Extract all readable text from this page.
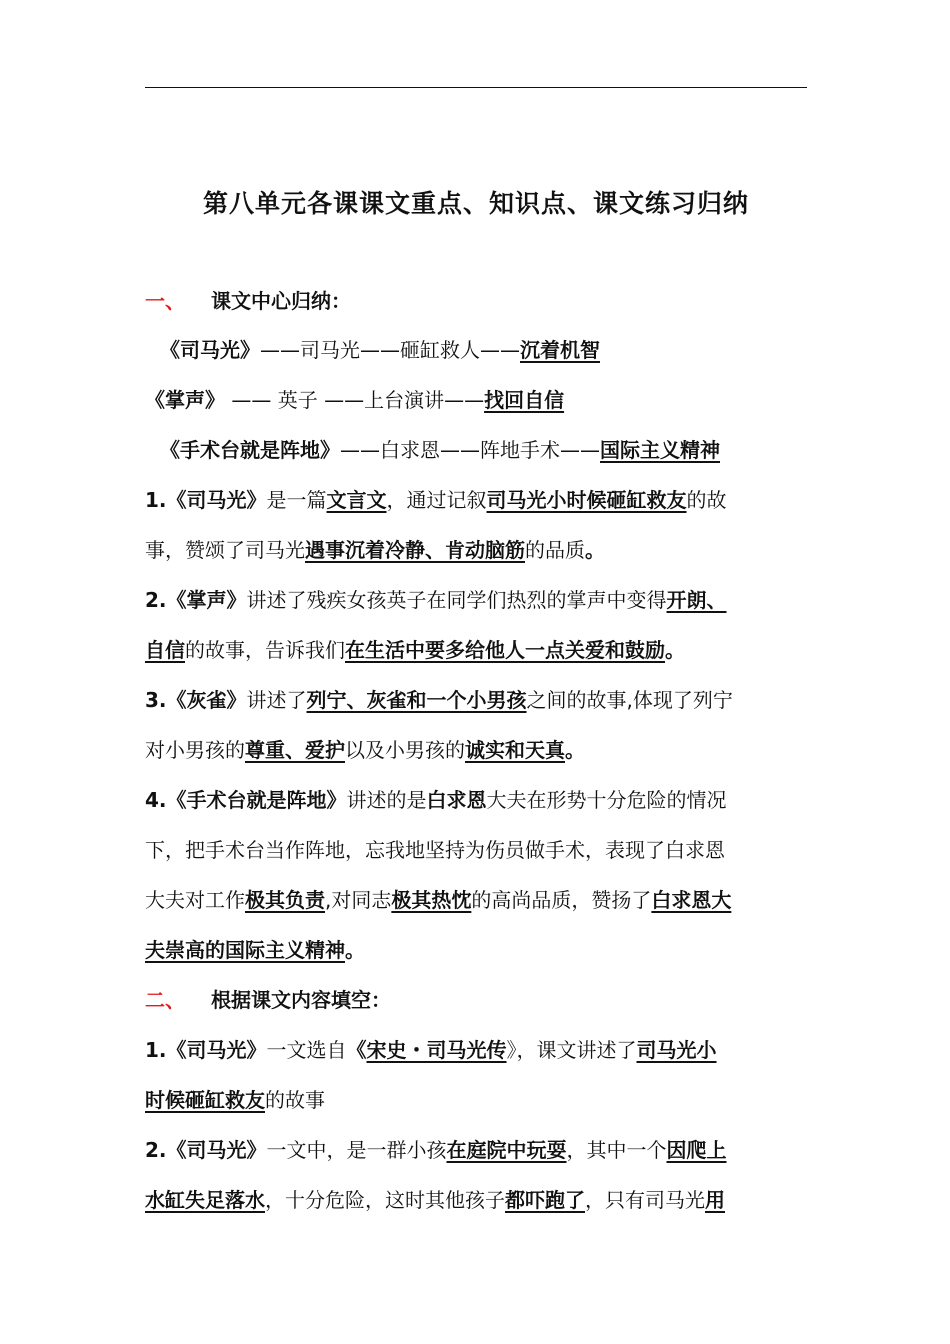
第八单元各课课文重点、知识点、课文练习归纳
一、 课文中心归纳：
《司马光》——司马光——砸缸救人——沉着机智
《掌声》 —— 英子 ——上台演讲——找回自信
《手术台就是阵地》——白求恩——阵地手术——国际主义精神
1.《司马光》是一篇文言文，通过记叙司马光小时候砸缸救友的故
事，赞颂了司马光遇事沉着冷静、肯动脑筋的品质。
2.《掌声》讲述了残疾女孩英子在同学们热烈的掌声中变得开朗、
自信的故事，告诉我们在生活中要多给他人一点关爱和鼓励。
3.《灰雀》讲述了列宁、灰雀和一个小男孩之间的故事,体现了列宁
对小男孩的尊重、爱护以及小男孩的诚实和天真。
4.《手术台就是阵地》讲述的是白求恩大夫在形势十分危险的情况
下，把手术台当作阵地，忘我地坚持为伤员做手术，表现了白求恩
大夫对工作极其负责,对同志极其热忱的高尚品质，赞扬了白求恩大
夫崇高的国际主义精神。
二、 根据课文内容填空：
1.《司马光》一文选自《宋史・司马光传》，课文讲述了司马光小
时候砸缸救友的故事
2.《司马光》一文中，是一群小孩在庭院中玩耍，其中一个因爬上
水缸失足落水，十分危险，这时其他孩子都吓跑了，只有司马光用
